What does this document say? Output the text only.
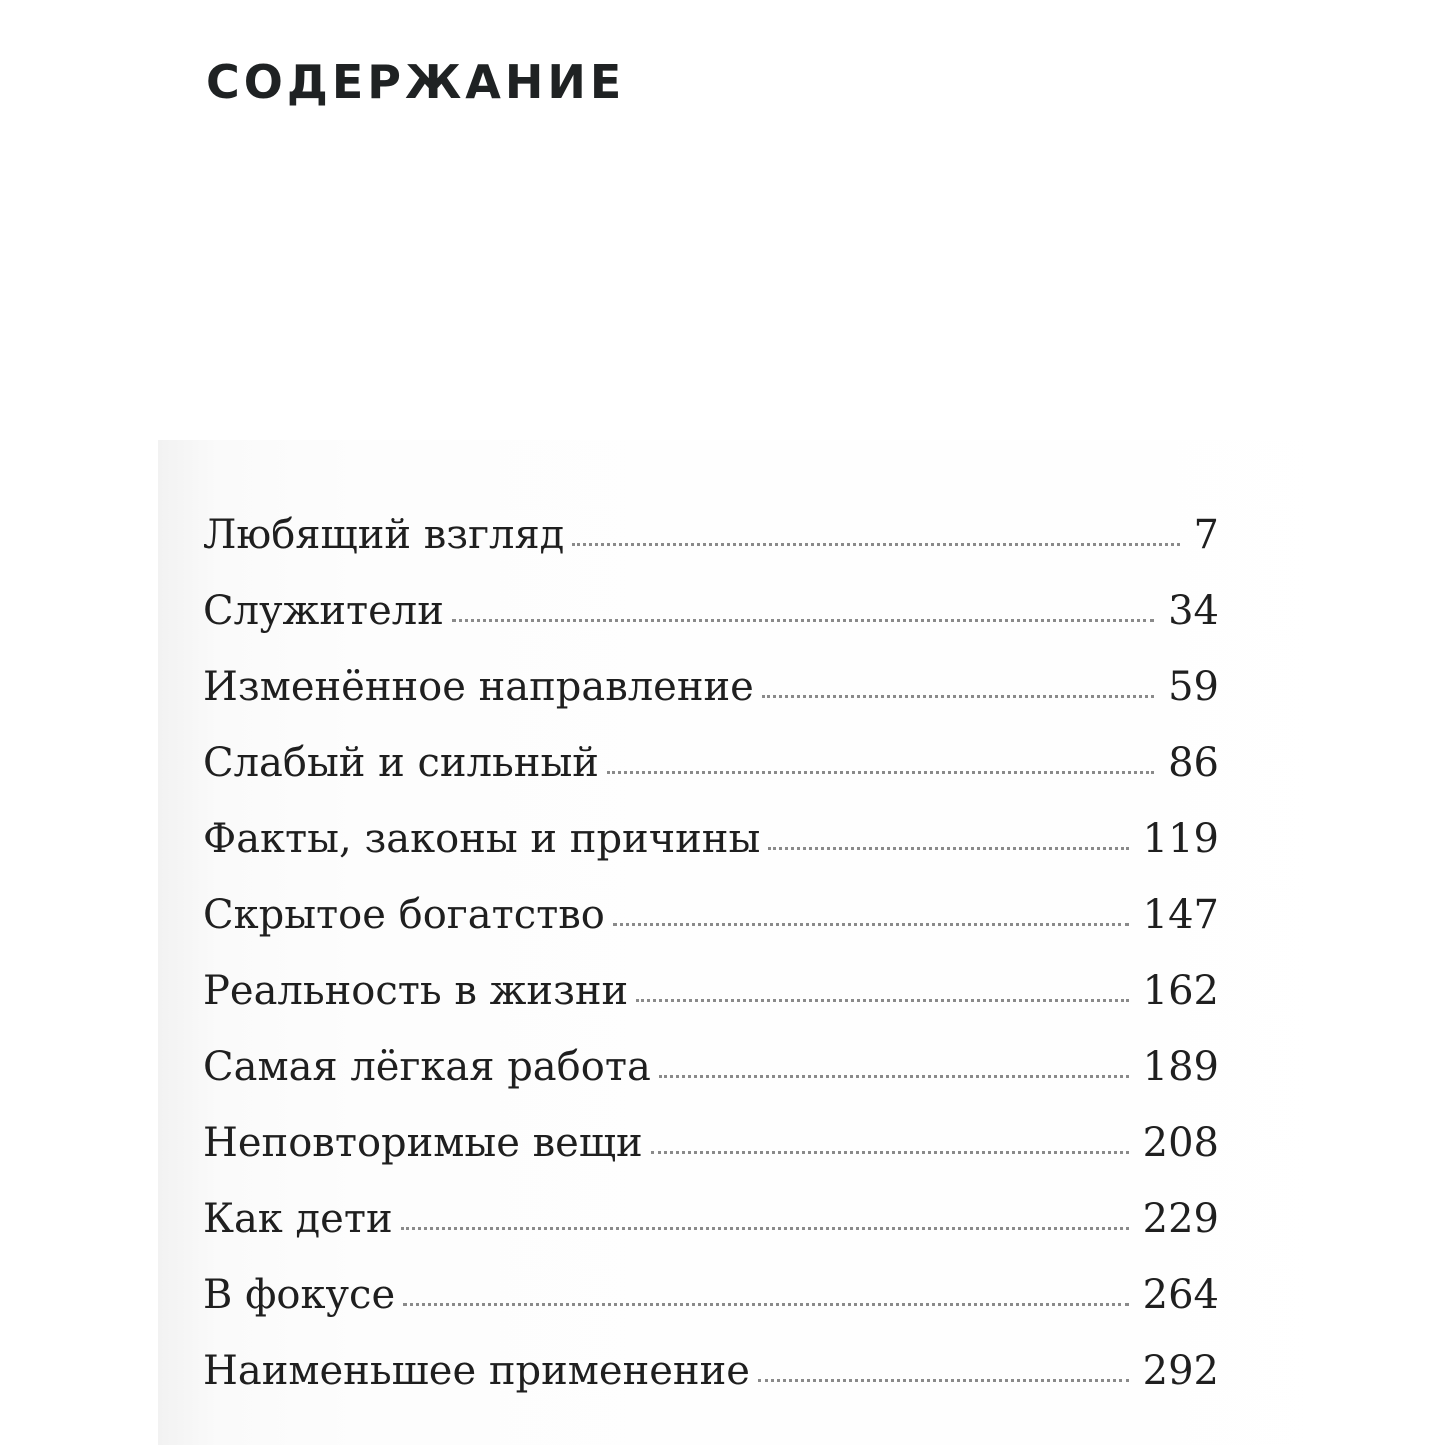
СОДЕРЖАНИЕ
Любящий взгляд	7
Служители	34
Изменённое направление	59
Слабый и сильный	86
Факты, законы и причины	119
Скрытое богатство	147
Реальность в жизни	162
Самая лёгкая работа	189
Неповторимые вещи	208
Как дети	229
В фокусе	264
Наименьшее применение	292
